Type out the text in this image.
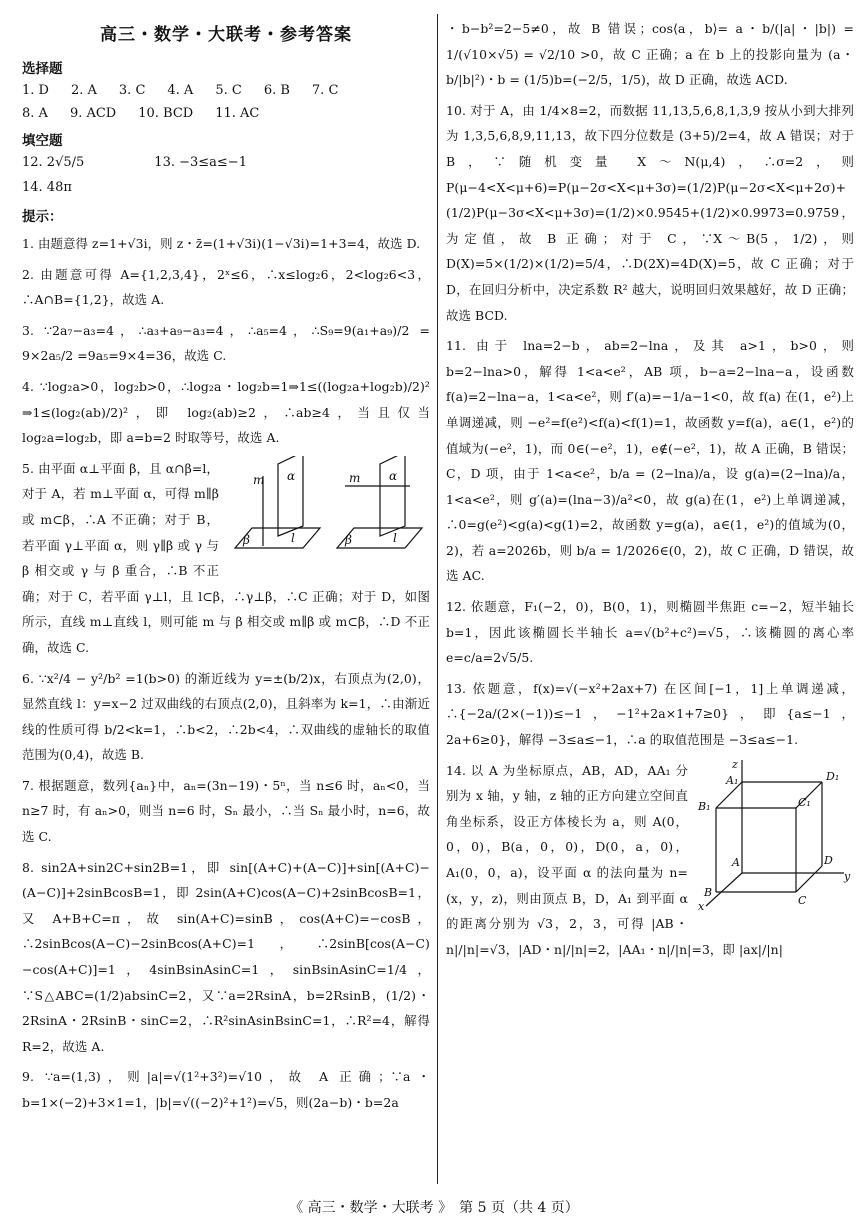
高三・数学・大联考・参考答案
选择题
1. D 2. A 3. C 4. A 5. C 6. B 7. C
8. A 9. ACD 10. BCD 11. AC
填空题
12. 2√5/5	13. −3≤a≤−1
14. 48π
提示：
1. 由题意得 z=1+√3i，则 z・z̄=(1+√3i)(1−√3i)=1+3=4，故选 D.
2. 由题意可得 A={1,2,3,4}，2ˣ≤6，∴x≤log₂6，2<log₂6<3，∴A∩B={1,2}，故选 A.
3. ∵2a₇−a₃=4，∴a₃+a₉−a₃=4，∴a₅=4，∴S₉=9(a₁+a₉)/2 = 9×2a₅/2 =9a₅=9×4=36，故选 C.
4. ∵log₂a>0，log₂b>0，∴log₂a・log₂b=1⇒1≤((log₂a+log₂b)/2)² ⇒1≤(log₂(ab)/2)²，即 log₂(ab)≥2，∴ab≥4，当且仅当 log₂a=log₂b，即 a=b=2 时取等号，故选 A.
m α
β	l
m α
β	l
5. 由平面 α⊥平面 β，且 α∩β=l，对于 A，若 m⊥平面 α，可得 m∥β 或 m⊂β，∴A 不正确；对于 B，若平面 γ⊥平面 α，则 γ∥β 或 γ 与 β 相交或 γ 与 β 重合，∴B 不正确；对于 C，若平面 γ⊥l，且 l⊂β，∴γ⊥β，∴C 正确；对于 D，如图所示，直线 m⊥直线 l，则可能 m 与 β 相交或 m∥β 或 m⊂β，∴D 不正确，故选 C.
6. ∵x²/4 − y²/b² =1(b>0) 的渐近线为 y=±(b/2)x，右顶点为(2,0)，显然直线 l：y=x−2 过双曲线的右顶点(2,0)，且斜率为 k=1，∴由渐近线的性质可得 b/2<k=1，∴b<2，∴2b<4，∴双曲线的虚轴长的取值范围为(0,4)，故选 B.
7. 根据题意，数列{aₙ}中，aₙ=(3n−19)・5ⁿ，当 n≤6 时，aₙ<0，当 n≥7 时，有 aₙ>0，则当 n=6 时，Sₙ 最小，∴当 Sₙ 最小时，n=6，故选 C.
8. sin2A+sin2C+sin2B=1，即 sin[(A+C)+(A−C)]+sin[(A+C)−(A−C)]+2sinBcosB=1，即 2sin(A+C)cos(A−C)+2sinBcosB=1，又 A+B+C=π，故 sin(A+C)=sinB，cos(A+C)=−cosB，∴2sinBcos(A−C)−2sinBcos(A+C)=1，∴2sinB[cos(A−C)−cos(A+C)]=1，4sinBsinAsinC=1，sinBsinAsinC=1/4，∵S△ABC=(1/2)absinC=2，又∵a=2RsinA，b=2RsinB，(1/2)・2RsinA・2RsinB・sinC=2，∴R²sinAsinBsinC=1，∴R²=4，解得 R=2，故选 A.
9. ∵a=(1,3)，则|a|=√(1²+3²)=√10，故 A 正确；∵a・b=1×(−2)+3×1=1，|b|=√((−2)²+1²)=√5，则(2a−b)・b=2a
・b−b²=2−5≠0，故 B 错误；cos⟨a，b⟩= a・b/(|a|・|b|) = 1/(√10×√5) = √2/10 >0，故 C 正确；a 在 b 上的投影向量为 (a・b/|b|²)・b = (1/5)b=(−2/5，1/5)，故 D 正确，故选 ACD.
10. 对于 A，由 1/4×8=2，而数据 11,13,5,6,8,1,3,9 按从小到大排列为 1,3,5,6,8,9,11,13，故下四分位数是 (3+5)/2=4，故 A 错误；对于 B，∵随机变量 X～N(μ,4)，∴σ=2，则 P(μ−4<X<μ+6)=P(μ−2σ<X<μ+3σ)=(1/2)P(μ−2σ<X<μ+2σ)+(1/2)P(μ−3σ<X<μ+3σ)=(1/2)×0.9545+(1/2)×0.9973=0.9759，为定值，故 B 正确；对于 C，∵X～B(5，1/2)，则 D(X)=5×(1/2)×(1/2)=5/4，∴D(2X)=4D(X)=5，故 C 正确；对于 D，在回归分析中，决定系数 R² 越大，说明回归效果越好，故 D 正确；故选 BCD.
11. 由于 lna=2−b，ab=2−lna，及其 a>1，b>0，则 b=2−lna>0，解得 1<a<e²，AB 项，b−a=2−lna−a，设函数 f(a)=2−lna−a，1<a<e²，则 f′(a)=−1/a−1<0，故 f(a) 在(1，e²)上单调递减，则 −e²=f(e²)<f(a)<f(1)=1，故函数 y=f(a)，a∈(1，e²)的值域为(−e²，1)，而 0∈(−e²，1)，e∉(−e²，1)，故 A 正确，B 错误；C，D 项，由于 1<a<e²，b/a = (2−lna)/a，设 g(a)=(2−lna)/a，1<a<e²，则 g′(a)=(lna−3)/a²<0，故 g(a)在(1，e²)上单调递减，∴0=g(e²)<g(a)<g(1)=2，故函数 y=g(a)，a∈(1，e²)的值域为(0，2)，若 a=2026b，则 b/a = 1/2026∈(0，2)，故 C 正确，D 错误，故选 AC.
12. 依题意，F₁(−2，0)，B(0，1)，则椭圆半焦距 c=−2，短半轴长 b=1，因此该椭圆长半轴长 a=√(b²+c²)=√5，∴该椭圆的离心率 e=c/a=2√5/5.
13. 依题意，f(x)=√(−x²+2ax+7) 在区间[−1，1]上单调递减，∴{−2a/(2×(−1))≤−1，−1²+2a×1+7≥0}，即{a≤−1，2a+6≥0}，解得 −3≤a≤−1，∴a 的取值范围是 −3≤a≤−1.
z
A₁	D₁
B₁	C₁
A	D
y
B
C
x
14. 以 A 为坐标原点，AB，AD，AA₁ 分别为 x 轴，y 轴，z 轴的正方向建立空间直角坐标系，设正方体棱长为 a，则 A(0，0，0)，B(a，0，0)，D(0，a，0)，A₁(0，0，a)，设平面 α 的法向量为 n=(x，y，z)，则由顶点 B，D，A₁ 到平面 α 的距离分别为 √3，2，3，可得 |AB・n|/|n|=√3，|AD・n|/|n|=2，|AA₁・n|/|n|=3，即 |ax|/|n|
《 高三・数学・大联考 》　第 5 页（共 4 页）
